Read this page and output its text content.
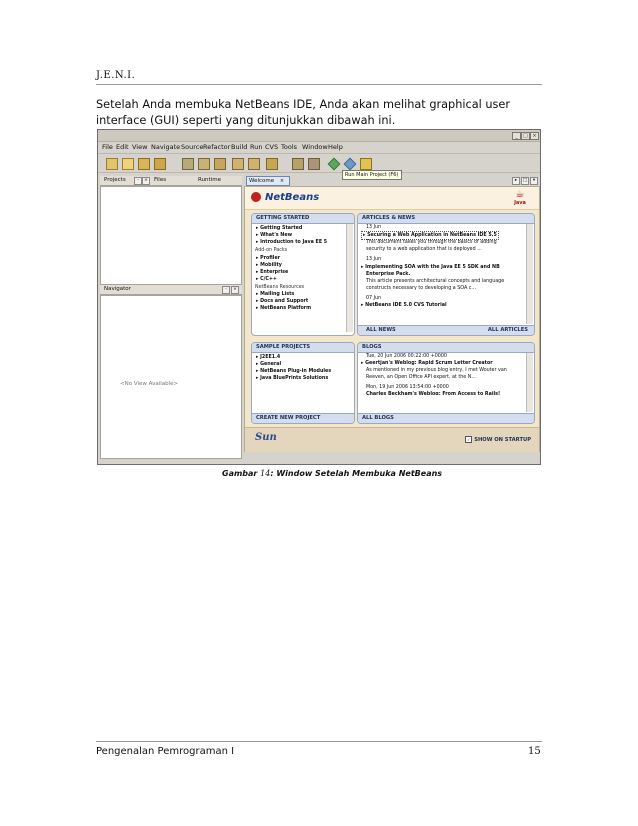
J.E.N.I.
Setelah Anda membuka NetBeans IDE, Anda akan melihat graphical user interface (GUI) seperti yang ditunjukkan dibawah ini.
_	□ ×
File Edit View Navigate Source Refactor Build Run CVS Tools Window Help
Run Main Project (F6)
Projects	-	×	Files	Runtime
Navigator	-	×
<No View Available>
Welcome ×	▸	□	▾
NetBeans	☕
Java
GETTING STARTED
▸ Getting Started
▸ What's New
▸ Introduction to Java EE 5
Add-on Packs
▸ Profiler
▸ Mobility
▸ Enterprise
▸ C/C++
NetBeans Resources
▸ Mailing Lists
▸ Docs and Support
▸ NetBeans Platform
ARTICLES & NEWS
13 Jun
▸ Securing a Web Application in NetBeans IDE 5.5
This document takes you through the basics of adding
security to a web application that is deployed ...
13 Jun
▸ Implementing SOA with the Java EE 5 SDK and NB
Enterprise Pack.
This article presents architectural concepts and language
constructs necessary to developing a SOA c...
07 Jun
▸ NetBeans IDE 5.0 CVS Tutorial
ALL NEWS	ALL ARTICLES
SAMPLE PROJECTS
▸ J2EE1.4
▸ General
▸ NetBeans Plug-in Modules
▸ Java BluePrints Solutions
CREATE NEW PROJECT
BLOGS
Tue, 20 Jun 2006 00:22:00 +0000
▸ Geertjan's Weblog: Rapid Scrum Letter Creator
As mentioned in my previous blog entry, I met Wouter van
Reeven, an Open Office API expert, at the N...
Mon, 19 Jun 2006 13:54:00 +0000
Charles Beckham's Weblog: From Access to Rails!
ALL BLOGS
Sun	✓ SHOW ON STARTUP
Gambar 14: Window Setelah Membuka NetBeans
Pengenalan Pemrograman I	15
